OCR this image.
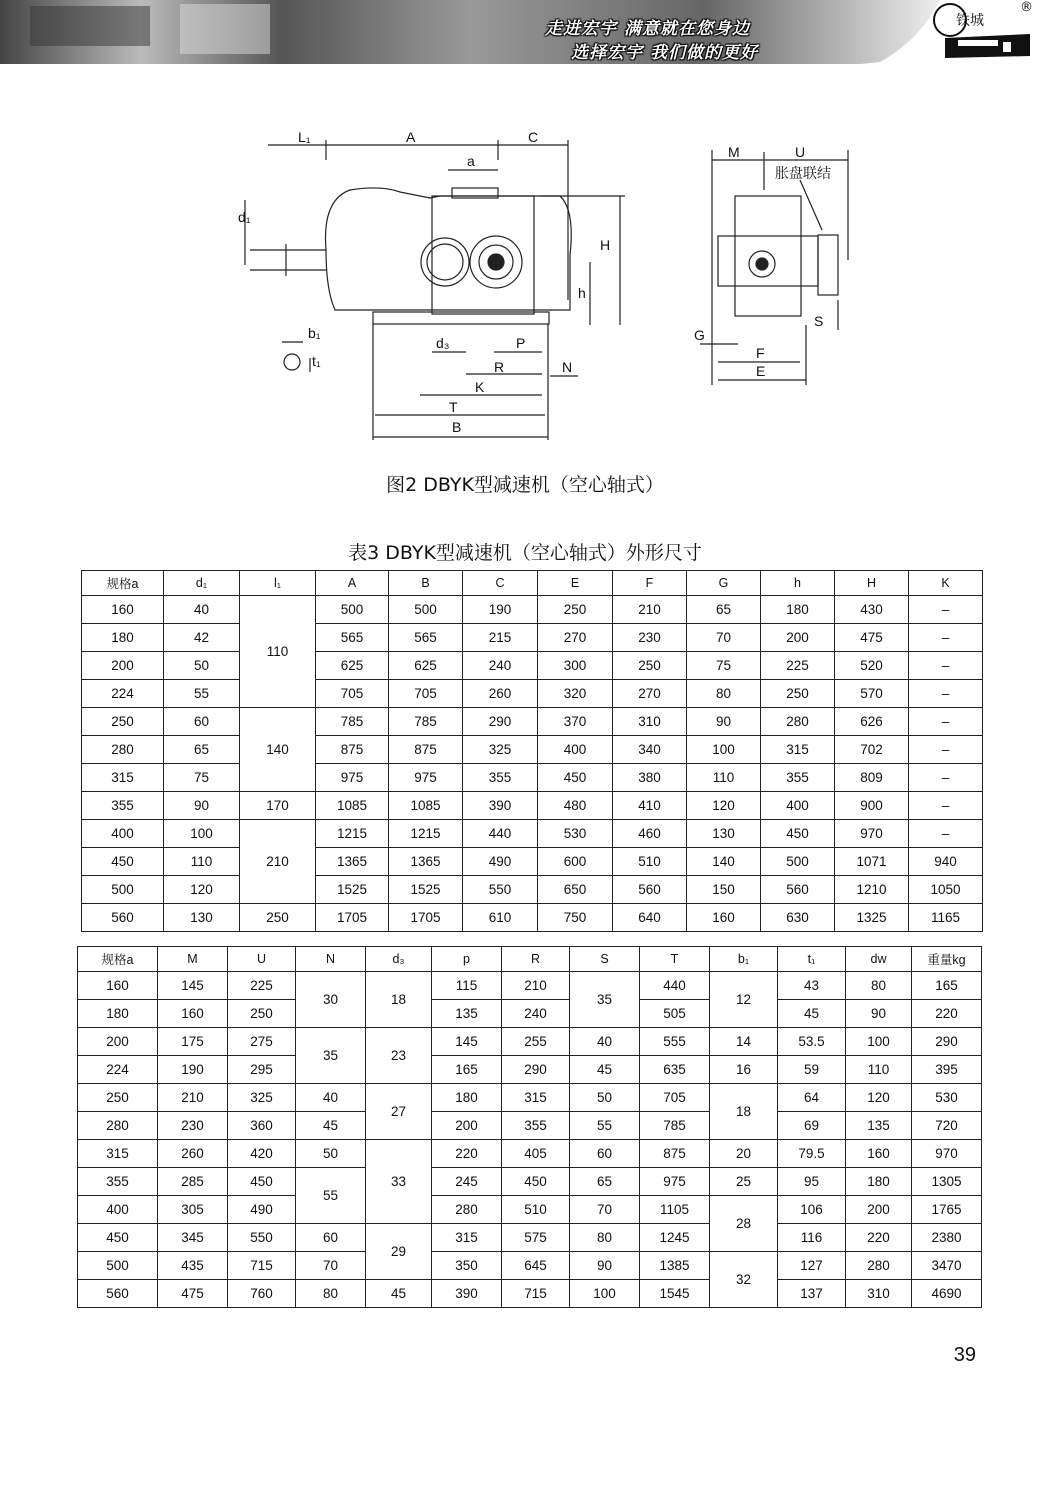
走进宏宇 满意就在您身边
选择宏宇 我们做的更好
铁城
®
L₁	A	C
a
d₁
H
h
b₁
t₁
d₃	P
R
K
N
T
B
M	U
胀盘联结
G
S
F
E
图2 DBYK型减速机（空心轴式）
表3 DBYK型减速机（空心轴式）外形尺寸
规格a	d₁	l₁	A	B	C	E	F	G	h	H	K
160	40	110	500	500	190	250	210	65	180	430	–
180	42		565	565	215	270	230	70	200	475	–
200	50		625	625	240	300	250	75	225	520	–
224	55		705	705	260	320	270	80	250	570	–
250	60	140	785	785	290	370	310	90	280	626	–
280	65		875	875	325	400	340	100	315	702	–
315	75		975	975	355	450	380	110	355	809	–
355	90	170	1085	1085	390	480	410	120	400	900	–
400	100	210	1215	1215	440	530	460	130	450	970	–
450	110		1365	1365	490	600	510	140	500	1071	940
500	120		1525	1525	550	650	560	150	560	1210	1050
560	130	250	1705	1705	610	750	640	160	630	1325	1165
规格a	M	U	N	d₃	p	R	S	T	b₁	t₁	dw	重量kg
160	145	225	30	18	115	210	35	440	12	43	80	165
180	160	250			135	240		505		45	90	220
200	175	275	35	23	145	255	40	555	14	53.5	100	290
224	190	295			165	290	45	635	16	59	110	395
250	210	325	40	27	180	315	50	705	18	64	120	530
280	230	360	45		200	355	55	785		69	135	720
315	260	420	50	33	220	405	60	875	20	79.5	160	970
355	285	450	55		245	450	65	975	25	95	180	1305
400	305	490			280	510	70	1105	28	106	200	1765
450	345	550	60	29	315	575	80	1245		116	220	2380
500	435	715	70		350	645	90	1385	32	127	280	3470
560	475	760	80	45	390	715	100	1545		137	310	4690
39
